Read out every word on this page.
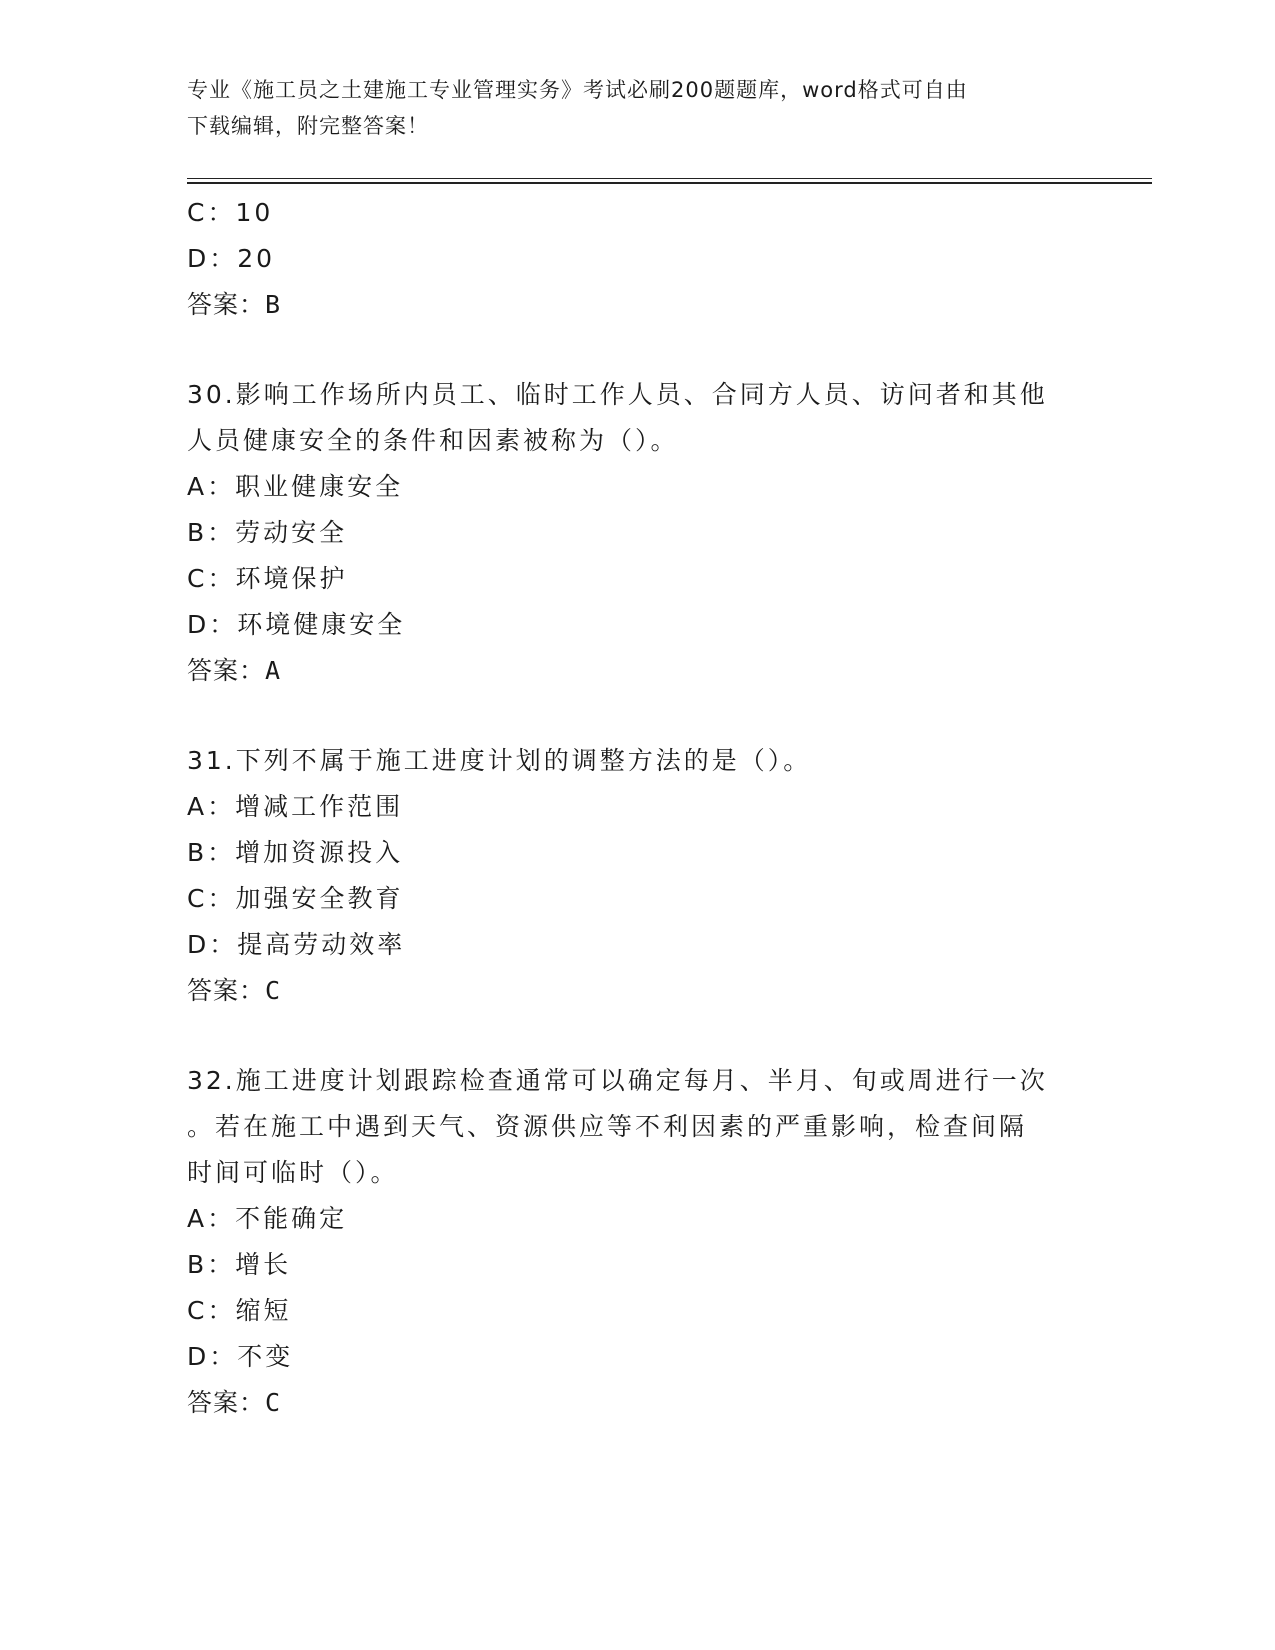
专业《施工员之土建施工专业管理实务》考试必刷200题题库，word格式可自由
下载编辑，附完整答案！
C：10
D：20
答案：B
30.影响工作场所内员工、临时工作人员、合同方人员、访问者和其他
人员健康安全的条件和因素被称为（）。
A：职业健康安全
B：劳动安全
C：环境保护
D：环境健康安全
答案：A
31.下列不属于施工进度计划的调整方法的是（）。
A：增减工作范围
B：增加资源投入
C：加强安全教育
D：提高劳动效率
答案：C
32.施工进度计划跟踪检查通常可以确定每月、半月、旬或周进行一次
。若在施工中遇到天气、资源供应等不利因素的严重影响，检查间隔
时间可临时（）。
A：不能确定
B：增长
C：缩短
D：不变
答案：C
